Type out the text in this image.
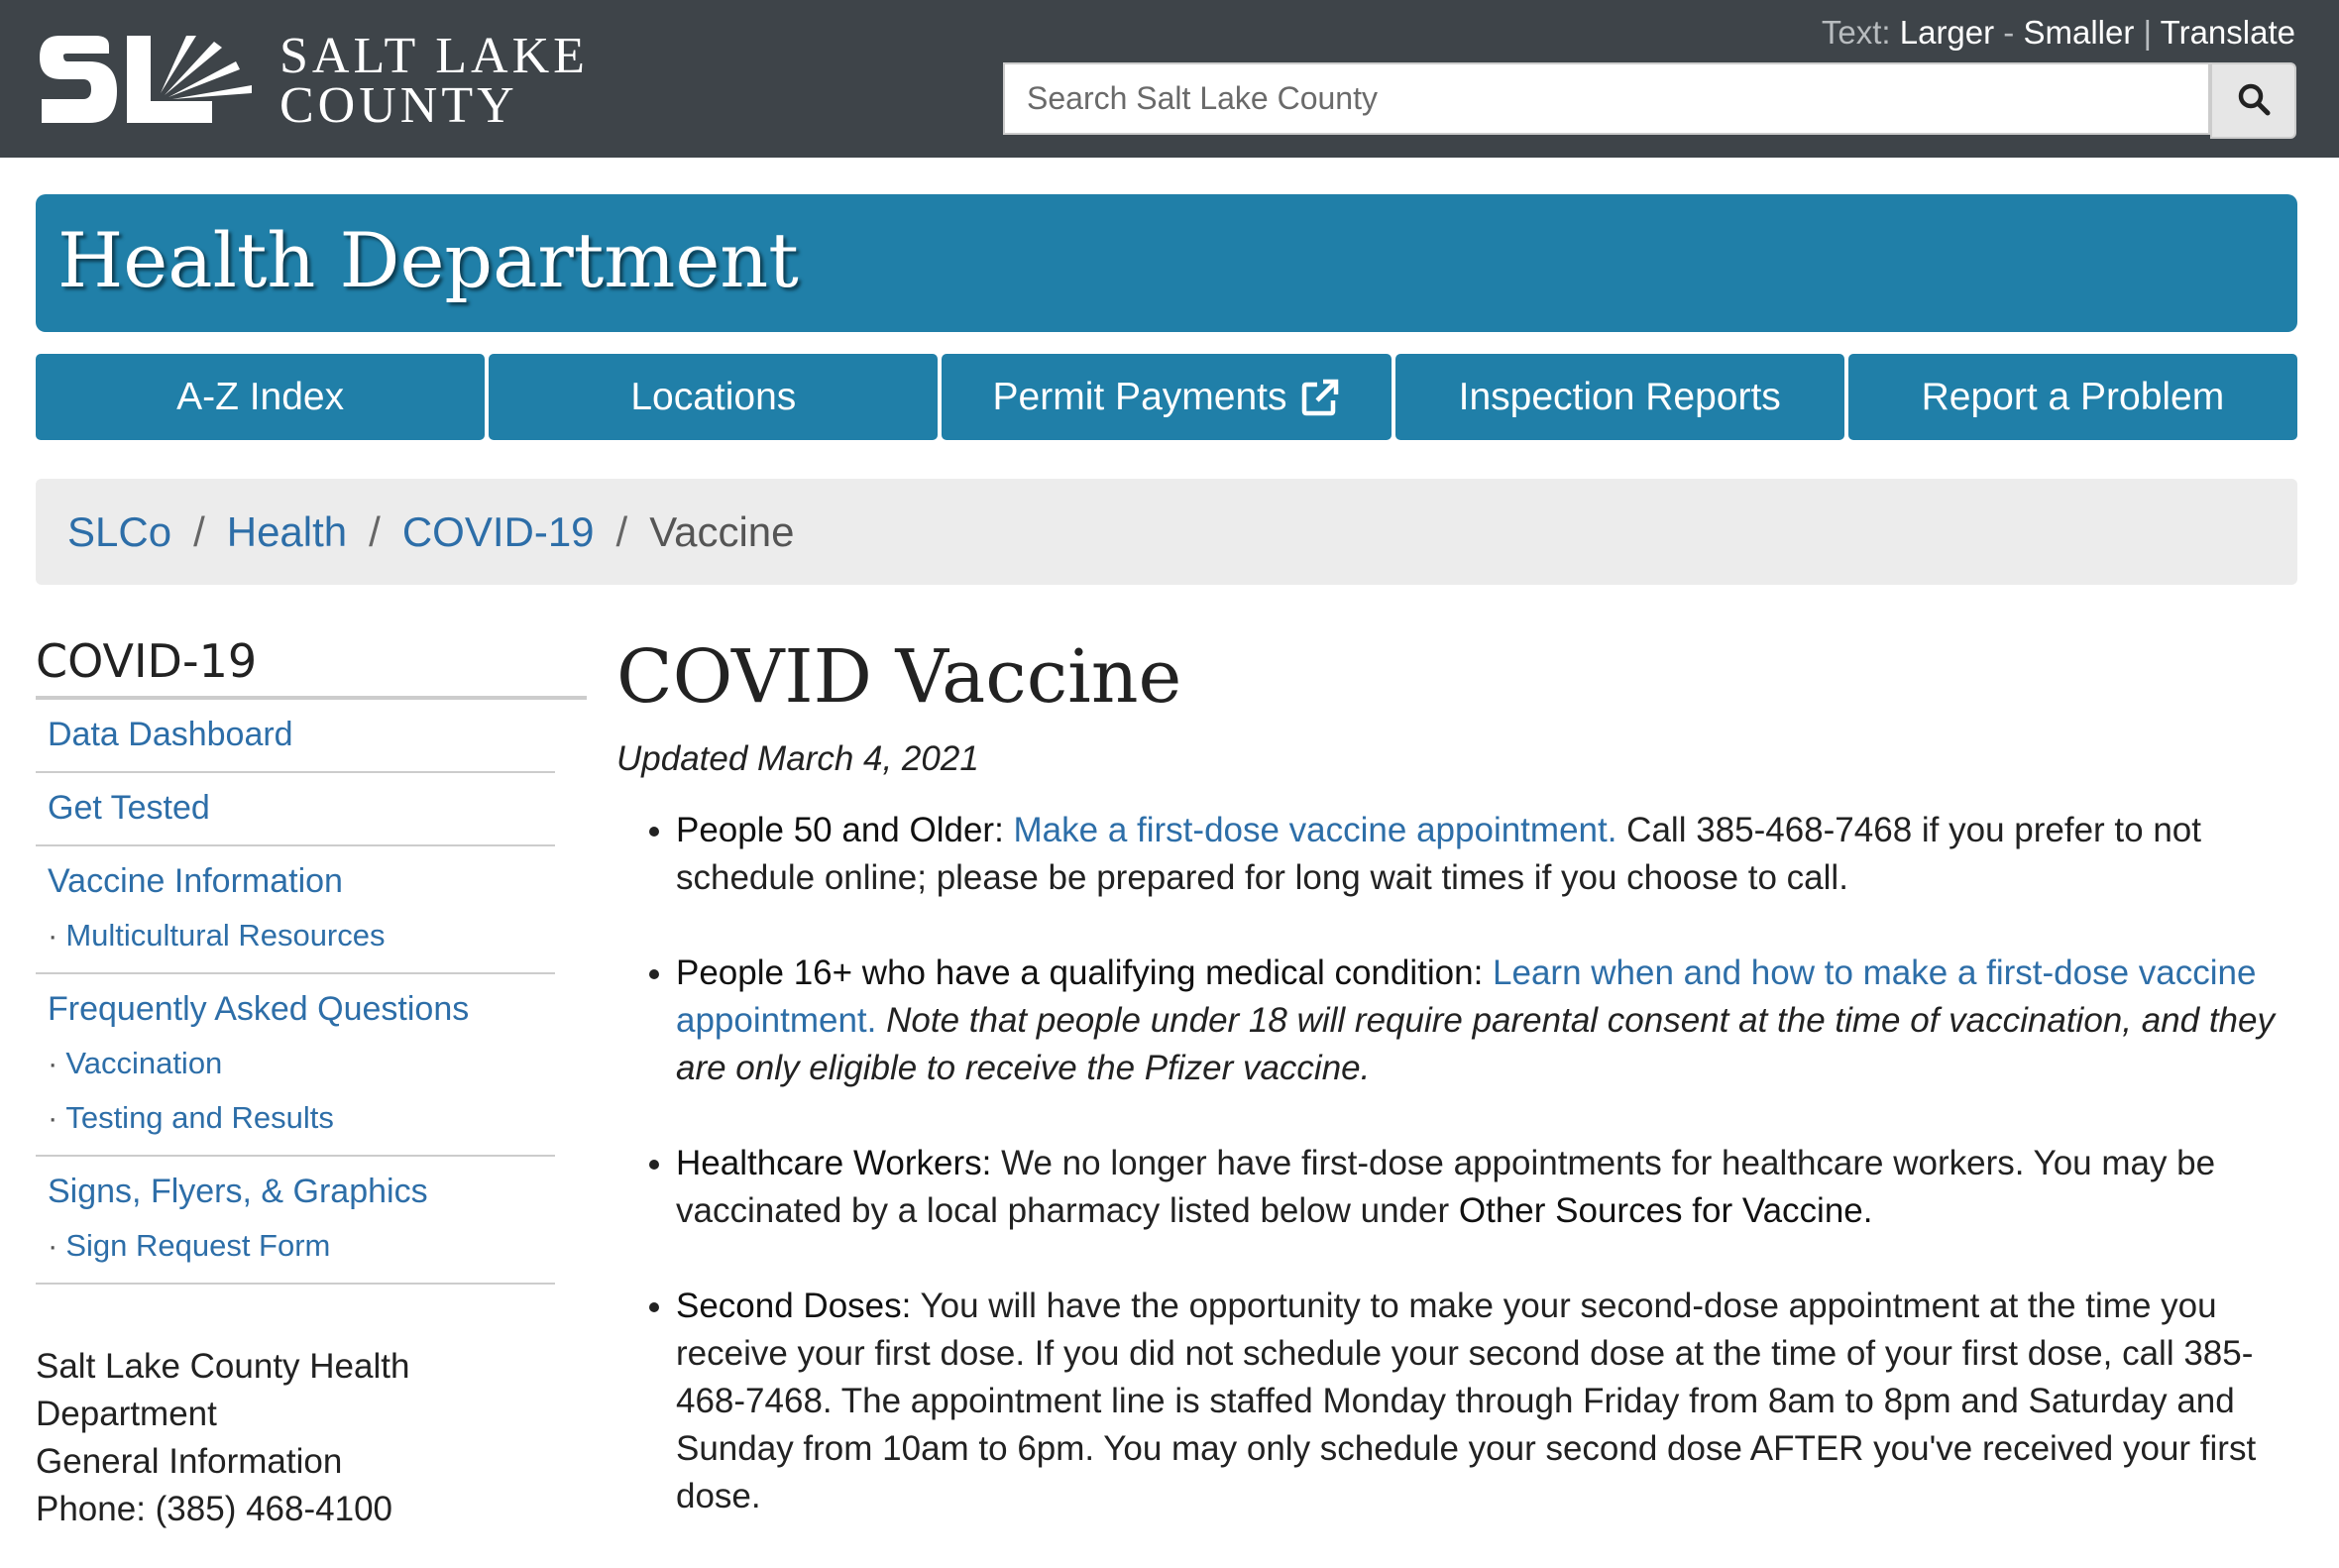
SALT LAKE
COUNTY
Text: Larger - Smaller | Translate
Search Salt Lake County
Health Department
A-Z Index	Locations	Permit Payments	Inspection Reports	Report a Problem
SLCo / Health / COVID-19 / Vaccine
COVID-19
Data Dashboard
Get Tested
Vaccine Information
· Multicultural Resources
Frequently Asked Questions
· Vaccination
· Testing and Results
Signs, Flyers, & Graphics
· Sign Request Form
Salt Lake County Health
Department
General Information
Phone: (385) 468-4100
COVID Vaccine
Updated March 4, 2021
• People 50 and Older: Make a first-dose vaccine appointment. Call 385-468-7468 if you prefer to not schedule online; please be prepared for long wait times if you choose to call.
• People 16+ who have a qualifying medical condition: Learn when and how to make a first-dose vaccine appointment. Note that people under 18 will require parental consent at the time of vaccination, and they are only eligible to receive the Pfizer vaccine.
• Healthcare Workers: We no longer have first-dose appointments for healthcare workers. You may be vaccinated by a local pharmacy listed below under Other Sources for Vaccine.
• Second Doses: You will have the opportunity to make your second-dose appointment at the time you receive your first dose. If you did not schedule your second dose at the time of your first dose, call 385-468-7468. The appointment line is staffed Monday through Friday from 8am to 8pm and Saturday and Sunday from 10am to 6pm. You may only schedule your second dose AFTER you've received your first dose.
